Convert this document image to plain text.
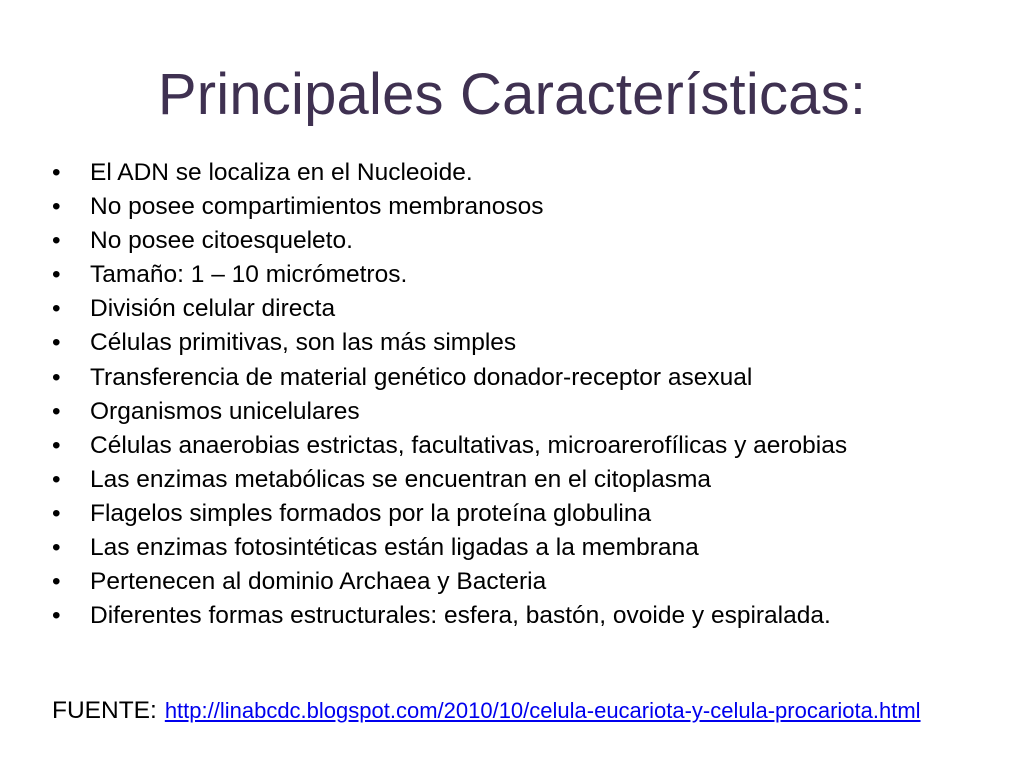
Principales Características:
•	El ADN se localiza en el Nucleoide.
•	No posee compartimientos membranosos
•	No posee citoesqueleto.
•	Tamaño: 1 – 10 micrómetros.
•	División celular directa
•	Células primitivas, son las más simples
•	Transferencia de material genético donador-receptor asexual
•	Organismos unicelulares
•	Células anaerobias estrictas, facultativas, microarerofílicas y aerobias
•	Las enzimas metabólicas se encuentran en el citoplasma
•	Flagelos simples formados por la proteína globulina
•	Las enzimas fotosintéticas están ligadas a la membrana
•	Pertenecen al dominio Archaea y Bacteria
•	Diferentes formas estructurales: esfera, bastón, ovoide y espiralada.
FUENTE: http://linabcdc.blogspot.com/2010/10/celula-eucariota-y-celula-procariota.html
